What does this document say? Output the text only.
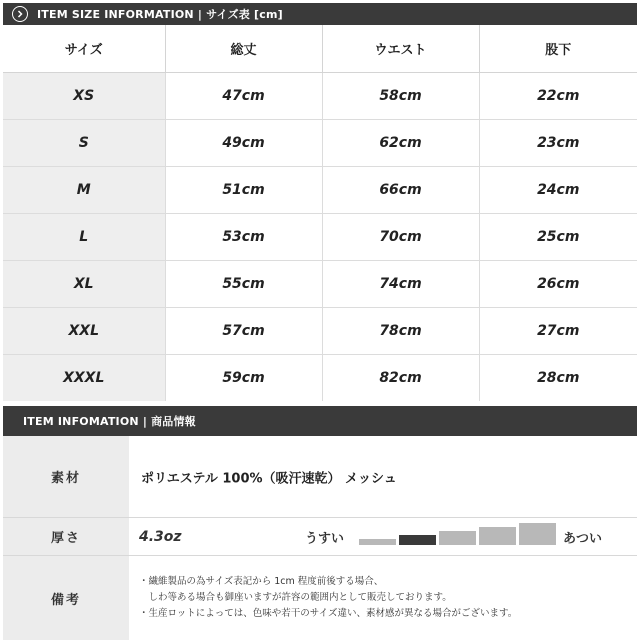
ITEM SIZE INFORMATION | サイズ表 [cm]
サイズ	総丈	ウエスト	股下
XS	47cm	58cm	22cm
S	49cm	62cm	23cm
M	51cm	66cm	24cm
L	53cm	70cm	25cm
XL	55cm	74cm	26cm
XXL	57cm	78cm	27cm
XXXL	59cm	82cm	28cm
ITEM INFOMATION | 商品情報
素材	ポリエステル 100%（吸汗速乾） メッシュ
厚さ	4.3oz	うすい	あつい
備考
・繊維製品の為サイズ表記から 1cm 程度前後する場合、
　しわ等ある場合も御座いますが許容の範囲内として販売しております。
・生産ロットによっては、色味や若干のサイズ違い、素材感が異なる場合がございます。
